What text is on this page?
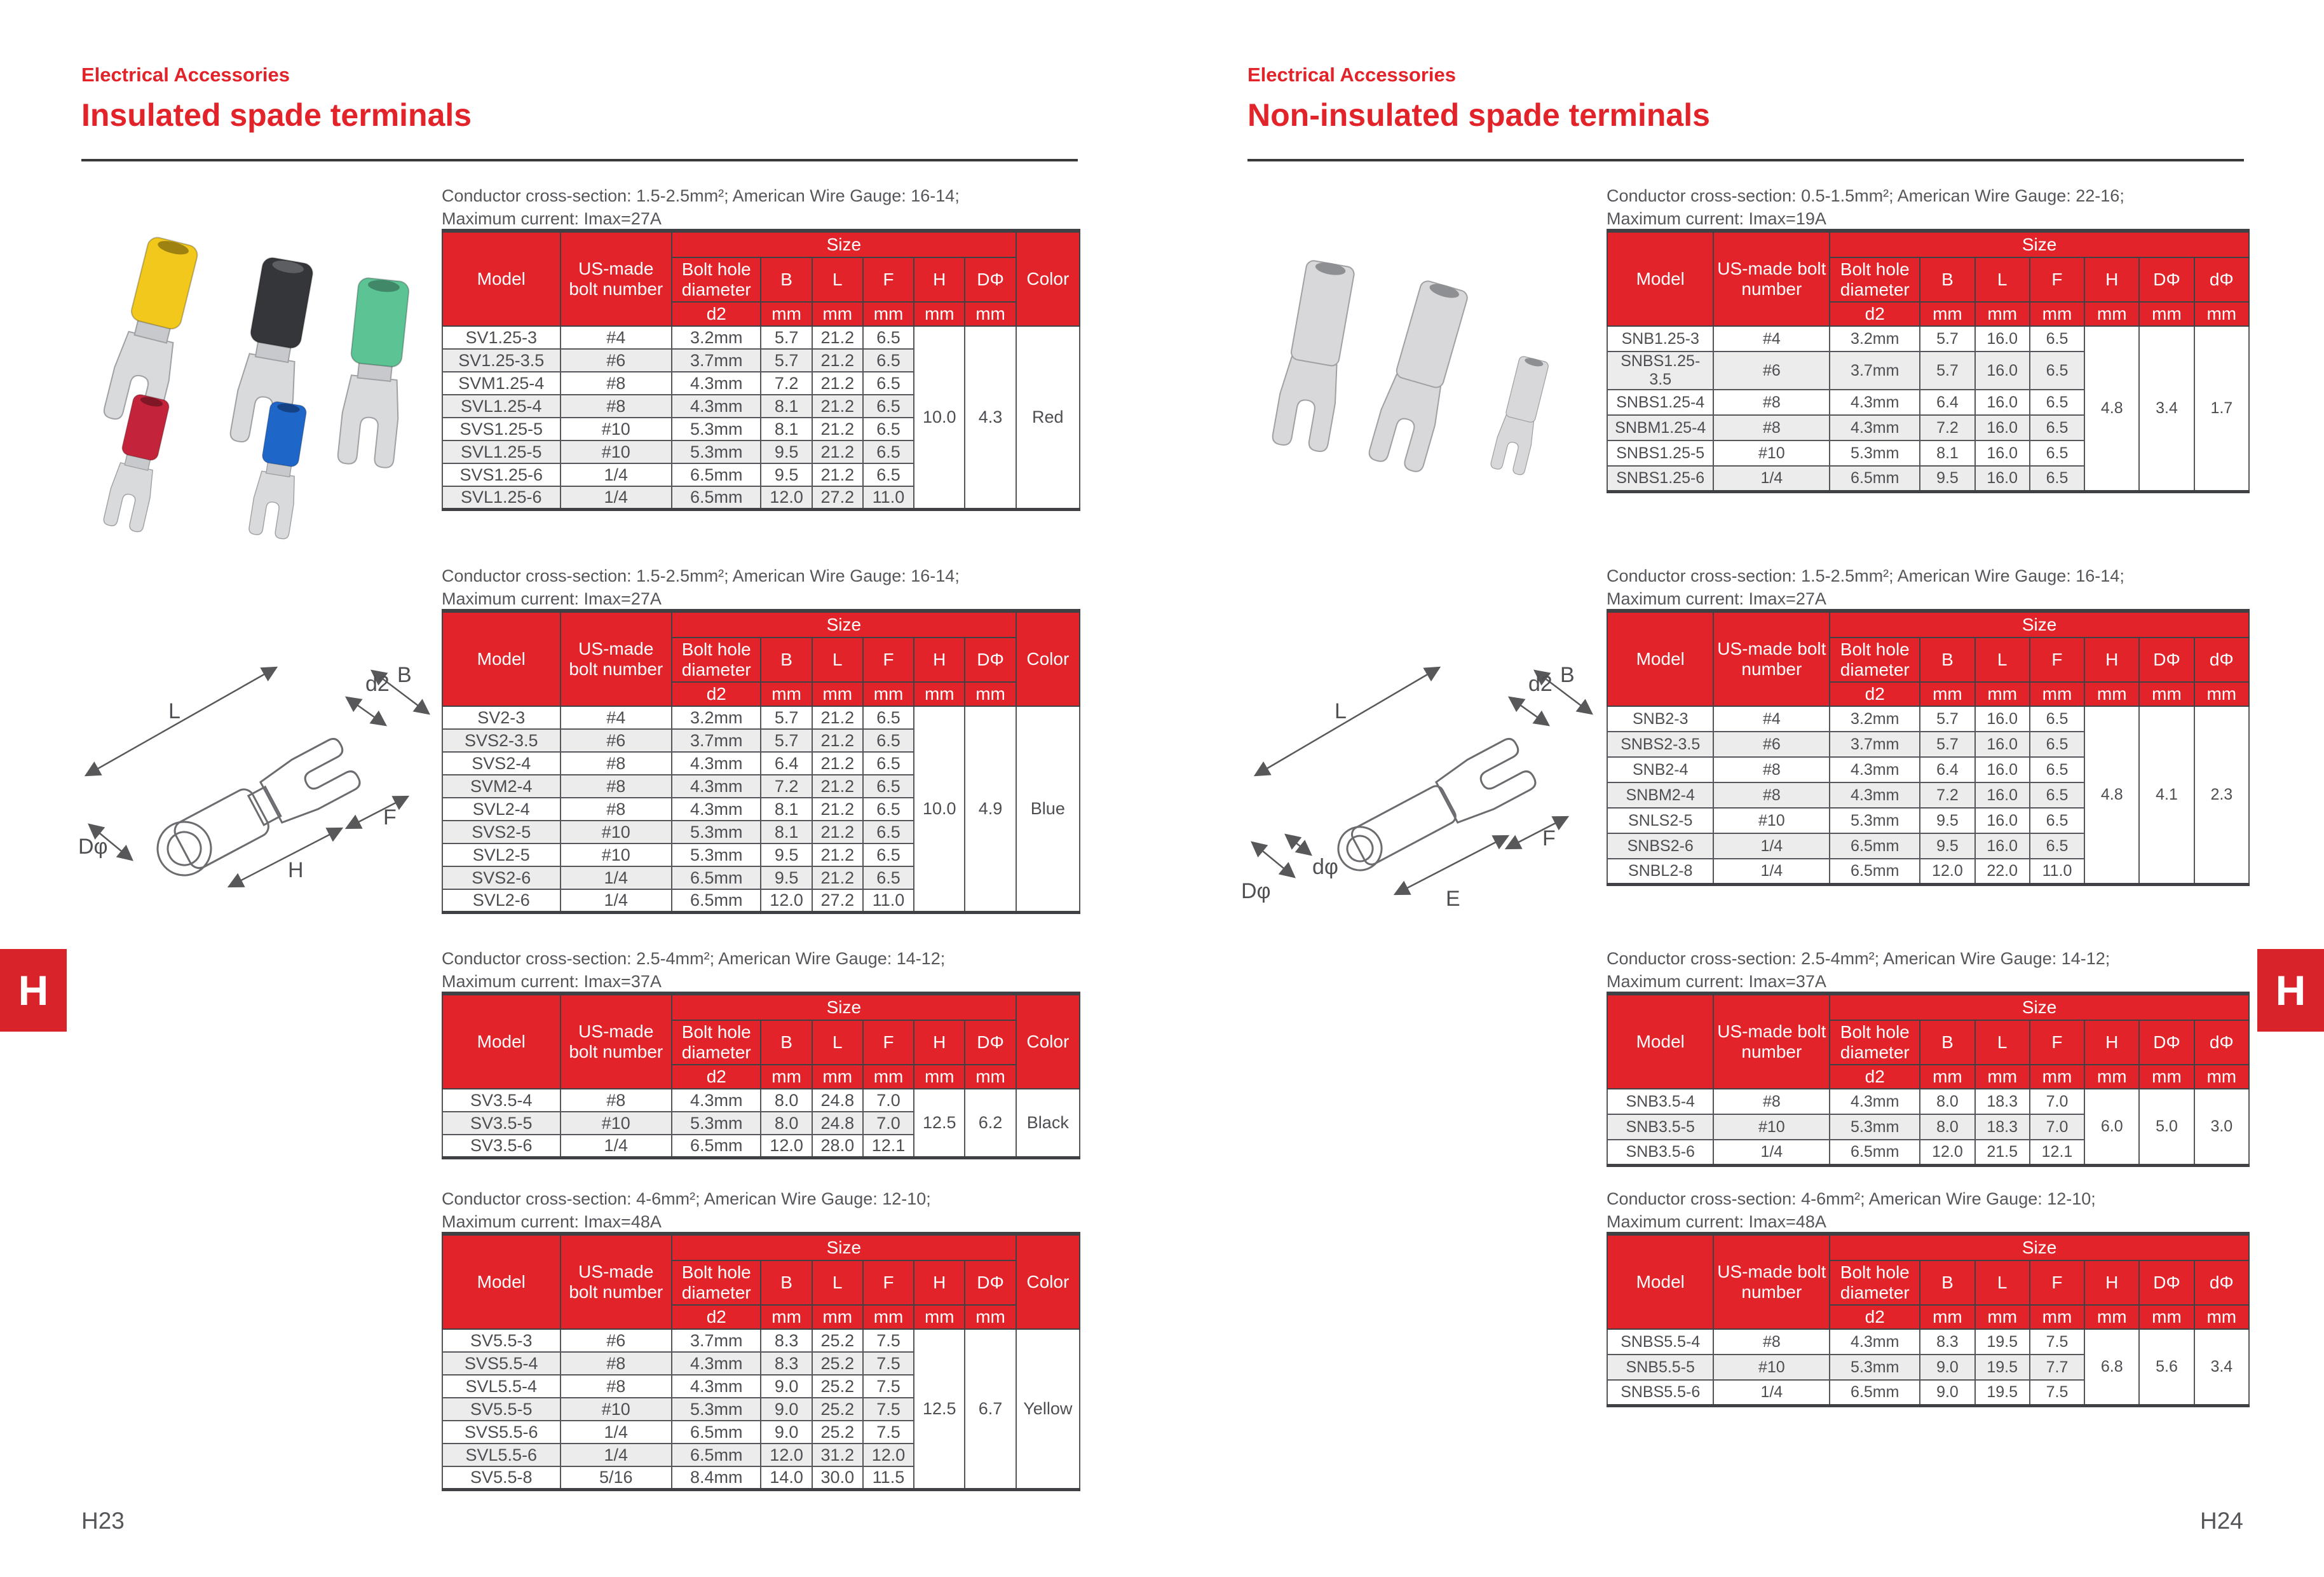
Electrical Accessories
Insulated spade terminals
Conductor cross-section: 1.5-2.5mm²; American Wire Gauge: 16-14;
Maximum current: Imax=27A
Model	US-made bolt number	Size						Color
		Bolt hole diameter	B	L	F	H	DΦ	
		d2	mm	mm	mm	mm	mm	
SV1.25-3	#4	3.2mm	5.7	21.2	6.5	10.0	4.3	Red
SV1.25-3.5	#6	3.7mm	5.7	21.2	6.5			
SVM1.25-4	#8	4.3mm	7.2	21.2	6.5			
SVL1.25-4	#8	4.3mm	8.1	21.2	6.5			
SVS1.25-5	#10	5.3mm	8.1	21.2	6.5			
SVL1.25-5	#10	5.3mm	9.5	21.2	6.5			
SVS1.25-6	1/4	6.5mm	9.5	21.2	6.5			
SVL1.25-6	1/4	6.5mm	12.0	27.2	11.0			
Conductor cross-section: 1.5-2.5mm²; American Wire Gauge: 16-14;
Maximum current: Imax=27A
Model	US-made bolt number	Size						Color
		Bolt hole diameter	B	L	F	H	DΦ	
		d2	mm	mm	mm	mm	mm	
SV2-3	#4	3.2mm	5.7	21.2	6.5	10.0	4.9	Blue
SVS2-3.5	#6	3.7mm	5.7	21.2	6.5			
SVS2-4	#8	4.3mm	6.4	21.2	6.5			
SVM2-4	#8	4.3mm	7.2	21.2	6.5			
SVL2-4	#8	4.3mm	8.1	21.2	6.5			
SVS2-5	#10	5.3mm	8.1	21.2	6.5			
SVL2-5	#10	5.3mm	9.5	21.2	6.5			
SVS2-6	1/4	6.5mm	9.5	21.2	6.5			
SVL2-6	1/4	6.5mm	12.0	27.2	11.0			
L
B
d2
F
Dφ
H
Conductor cross-section: 2.5-4mm²; American Wire Gauge: 14-12;
Maximum current: Imax=37A
Model	US-made bolt number	Size						Color
		Bolt hole diameter	B	L	F	H	DΦ	
		d2	mm	mm	mm	mm	mm	
SV3.5-4	#8	4.3mm	8.0	24.8	7.0	12.5	6.2	Black
SV3.5-5	#10	5.3mm	8.0	24.8	7.0			
SV3.5-6	1/4	6.5mm	12.0	28.0	12.1			
Conductor cross-section: 4-6mm²; American Wire Gauge: 12-10;
Maximum current: Imax=48A
Model	US-made bolt number	Size						Color
		Bolt hole diameter	B	L	F	H	DΦ	
		d2	mm	mm	mm	mm	mm	
SV5.5-3	#6	3.7mm	8.3	25.2	7.5	12.5	6.7	Yellow
SVS5.5-4	#8	4.3mm	8.3	25.2	7.5			
SVL5.5-4	#8	4.3mm	9.0	25.2	7.5			
SV5.5-5	#10	5.3mm	9.0	25.2	7.5			
SVS5.5-6	1/4	6.5mm	9.0	25.2	7.5			
SVL5.5-6	1/4	6.5mm	12.0	31.2	12.0			
SV5.5-8	5/16	8.4mm	14.0	30.0	11.5			
H23
Electrical Accessories
Non-insulated spade terminals
Conductor cross-section: 0.5-1.5mm²; American Wire Gauge: 22-16;
Maximum current: Imax=19A
Model	US-made bolt number	Size						
		Bolt hole diameter	B	L	F	H	DΦ	dΦ
		d2	mm	mm	mm	mm	mm	mm
SNB1.25-3	#4	3.2mm	5.7	16.0	6.5	4.8	3.4	1.7
SNBS1.25-3.5	#6	3.7mm	5.7	16.0	6.5			
SNBS1.25-4	#8	4.3mm	6.4	16.0	6.5			
SNBM1.25-4	#8	4.3mm	7.2	16.0	6.5			
SNBS1.25-5	#10	5.3mm	8.1	16.0	6.5			
SNBS1.25-6	1/4	6.5mm	9.5	16.0	6.5			
Conductor cross-section: 1.5-2.5mm²; American Wire Gauge: 16-14;
Maximum current: Imax=27A
Model	US-made bolt number	Size						
		Bolt hole diameter	B	L	F	H	DΦ	dΦ
		d2	mm	mm	mm	mm	mm	mm
SNB2-3	#4	3.2mm	5.7	16.0	6.5	4.8	4.1	2.3
SNBS2-3.5	#6	3.7mm	5.7	16.0	6.5			
SNB2-4	#8	4.3mm	6.4	16.0	6.5			
SNBM2-4	#8	4.3mm	7.2	16.0	6.5			
SNLS2-5	#10	5.3mm	9.5	16.0	6.5			
SNBS2-6	1/4	6.5mm	9.5	16.0	6.5			
SNBL2-8	1/4	6.5mm	12.0	22.0	11.0			
L
B
d2
dφ
Dφ
F
E
Conductor cross-section: 2.5-4mm²; American Wire Gauge: 14-12;
Maximum current: Imax=37A
Model	US-made bolt number	Size						
		Bolt hole diameter	B	L	F	H	DΦ	dΦ
		d2	mm	mm	mm	mm	mm	mm
SNB3.5-4	#8	4.3mm	8.0	18.3	7.0	6.0	5.0	3.0
SNB3.5-5	#10	5.3mm	8.0	18.3	7.0			
SNB3.5-6	1/4	6.5mm	12.0	21.5	12.1			
Conductor cross-section: 4-6mm²; American Wire Gauge: 12-10;
Maximum current: Imax=48A
Model	US-made bolt number	Size						
		Bolt hole diameter	B	L	F	H	DΦ	dΦ
		d2	mm	mm	mm	mm	mm	mm
SNBS5.5-4	#8	4.3mm	8.3	19.5	7.5	6.8	5.6	3.4
SNB5.5-5	#10	5.3mm	9.0	19.5	7.7			
SNBS5.5-6	1/4	6.5mm	9.0	19.5	7.5			
H24
H	H
